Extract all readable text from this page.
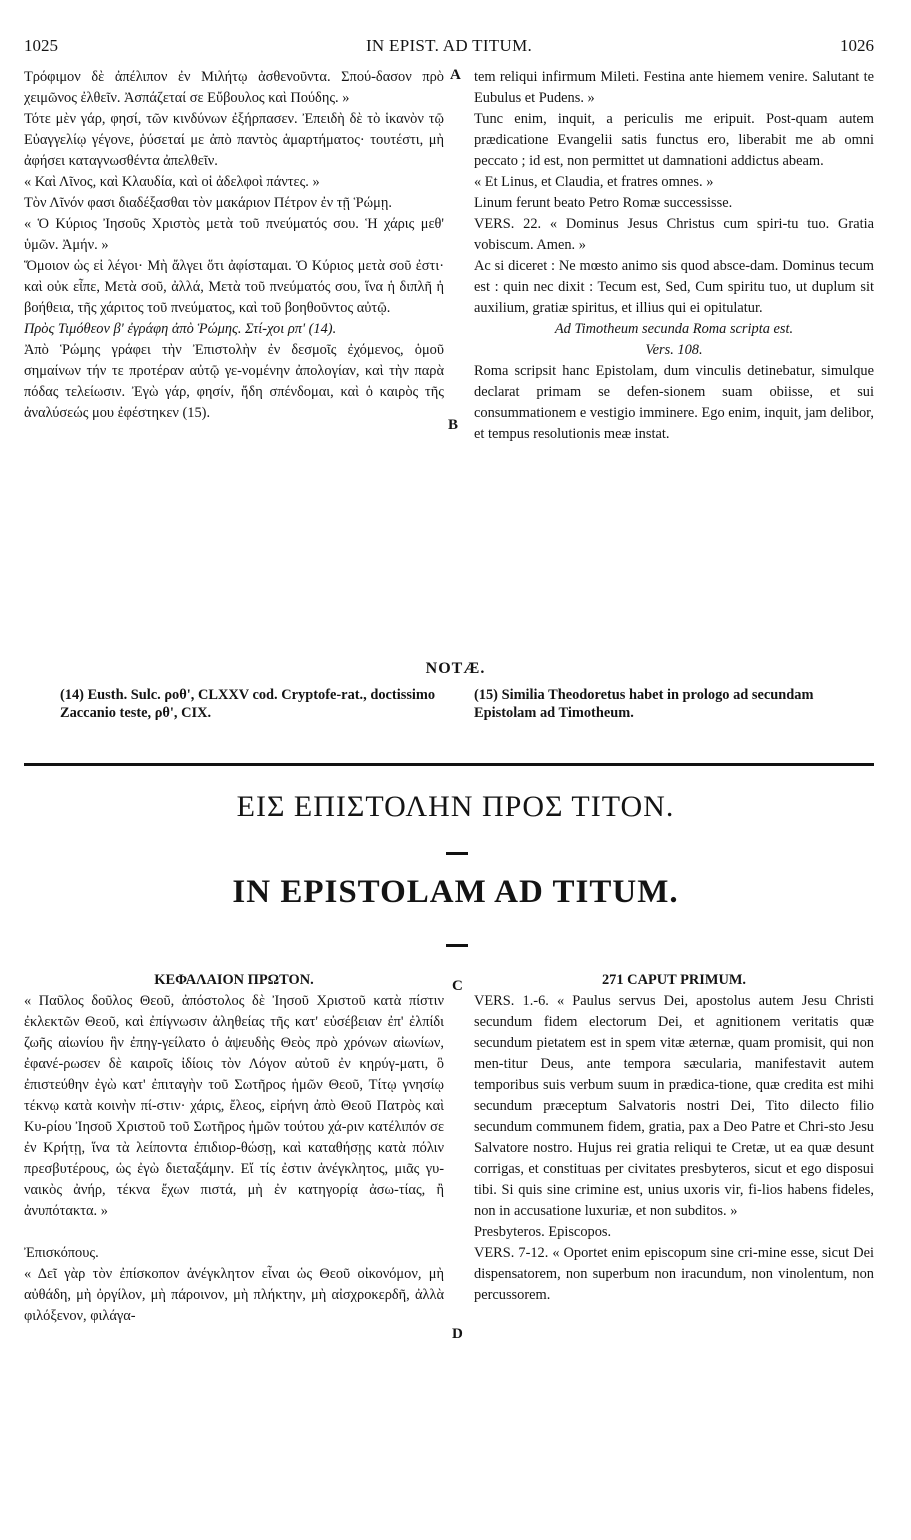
1025	IN EPIST. AD TITUM.	1026
A
B
C
D

Τρόφιμον δὲ ἀπέλιπον ἐν Μιλήτῳ ἀσθενοῦντα. Σπού-δασον πρὸ χειμῶνος ἐλθεῖν. Ἀσπάζεταί σε Εὔβουλος καὶ Πούδης. »

Τότε μὲν γάρ, φησί, τῶν κινδύνων ἐξήρπασεν. Ἐπειδὴ δὲ τὸ ἱκανὸν τῷ Εὐαγγελίῳ γέγονε, ῥύσεταί με ἀπὸ παντὸς ἁμαρτήματος· τουτέστι, μὴ ἀφήσει καταγνωσθέντα ἀπελθεῖν.

« Καὶ Λῖνος, καὶ Κλαυδία, καὶ οἱ ἀδελφοὶ πάντες. »

Τὸν Λῖνόν φασι διαδέξασθαι τὸν μακάριον Πέτρον ἐν τῇ Ῥώμῃ.

« Ὁ Κύριος Ἰησοῦς Χριστὸς μετὰ τοῦ πνεύματός σου. Ἡ χάρις μεθ' ὑμῶν. Ἀμήν. »

Ὅμοιον ὡς εἰ λέγοι· Μὴ ἄλγει ὅτι ἀφίσταμαι. Ὁ Κύριος μετὰ σοῦ ἐστι· καὶ οὐκ εἶπε, Μετὰ σοῦ, ἀλλά, Μετὰ τοῦ πνεύματός σου, ἵνα ἡ διπλῆ ἡ βοήθεια, τῆς χάριτος τοῦ πνεύματος, καὶ τοῦ βοηθοῦντος αὐτῷ.

Πρὸς Τιμόθεον β' ἐγράφη ἀπὸ Ῥώμης. Στί-χοι ρπ' (14).

Ἀπὸ Ῥώμης γράφει τὴν Ἐπιστολὴν ἐν δεσμοῖς ἐχόμενος, ὁμοῦ σημαίνων τήν τε προτέραν αὐτῷ γε-νομένην ἀπολογίαν, καὶ τὴν παρὰ πόδας τελείωσιν. Ἐγὼ γάρ, φησίν, ἤδη σπένδομαι, καὶ ὁ καιρὸς τῆς ἀναλύσεώς μου ἐφέστηκεν (15).

tem reliqui infirmum Mileti. Festina ante hiemem venire. Salutant te Eubulus et Pudens. »

Tunc enim, inquit, a periculis me eripuit. Post-quam autem prædicatione Evangelii satis functus ero, liberabit me ab omni peccato ; id est, non permittet ut damnationi addictus abeam.

« Et Linus, et Claudia, et fratres omnes. »

Linum ferunt beato Petro Romæ successisse.

VERS. 22. « Dominus Jesus Christus cum spiri-tu tuo. Gratia vobiscum. Amen. »

Ac si diceret : Ne mœsto animo sis quod absce-dam. Dominus tecum est : quin nec dixit : Tecum est, Sed, Cum spiritu tuo, ut duplum sit auxilium, gratiæ spiritus, et illius qui ei opitulatur.

Ad Timotheum secunda Roma scripta est.

Vers. 108.

Roma scripsit hanc Epistolam, dum vinculis detinebatur, simulque declarat primam se defen-sionem suam obiisse, et sui consummationem e vestigio imminere. Ego enim, inquit, jam delibor, et tempus resolutionis meæ instat.

NOTÆ.
(14) Eusth. Sulc. ροθ', CLXXV cod. Cryptofe-rat., doctissimo Zaccanio teste, ρθ', CIX.
(15) Similia Theodoretus habet in prologo ad secundam Epistolam ad Timotheum.
ΕΙΣ ΕΠΙΣΤΟΛΗΝ ΠΡΟΣ ΤΙΤΟΝ.
IN EPISTOLAM AD TITUM.

ΚΕΦΑΛΑΙΟΝ ΠΡΩΤΟΝ.

« Παῦλος δοῦλος Θεοῦ, ἀπόστολος δὲ Ἰησοῦ Χριστοῦ κατὰ πίστιν ἐκλεκτῶν Θεοῦ, καὶ ἐπίγνωσιν ἀληθείας τῆς κατ' εὐσέβειαν ἐπ' ἐλπίδι ζωῆς αἰωνίου ἣν ἐπηγ-γείλατο ὁ ἀψευδὴς Θεὸς πρὸ χρόνων αἰωνίων, ἐφανέ-ρωσεν δὲ καιροῖς ἰδίοις τὸν Λόγον αὐτοῦ ἐν κηρύγ-ματι, ὃ ἐπιστεύθην ἐγὼ κατ' ἐπιταγὴν τοῦ Σωτῆρος ἡμῶν Θεοῦ, Τίτῳ γνησίῳ τέκνῳ κατὰ κοινὴν πί-στιν· χάρις, ἔλεος, εἰρήνη ἀπὸ Θεοῦ Πατρὸς καὶ Κυ-ρίου Ἰησοῦ Χριστοῦ τοῦ Σωτῆρος ἡμῶν τούτου χά-ριν κατέλιπόν σε ἐν Κρήτῃ, ἵνα τὰ λείποντα ἐπιδιορ-θώσῃ, καὶ καταθήσῃς κατὰ πόλιν πρεσβυτέρους, ὡς ἐγὼ διεταξάμην. Εἴ τίς ἐστιν ἀνέγκλητος, μιᾶς γυ-ναικὸς ἀνήρ, τέκνα ἔχων πιστά, μὴ ἐν κατηγορίᾳ ἀσω-τίας, ἢ ἀνυπότακτα. »

Ἐπισκόπους.

« Δεῖ γὰρ τὸν ἐπίσκοπον ἀνέγκλητον εἶναι ὡς Θεοῦ οἰκονόμον, μὴ αὐθάδη, μὴ ὀργίλον, μὴ πάροινον, μὴ πλήκτην, μὴ αἰσχροκερδῆ, ἀλλὰ φιλόξενον, φιλάγα-

271 CAPUT PRIMUM.

VERS. 1.-6. « Paulus servus Dei, apostolus autem Jesu Christi secundum fidem electorum Dei, et agnitionem veritatis quæ secundum pietatem est in spem vitæ æternæ, quam promisit, qui non men-titur Deus, ante tempora sæcularia, manifestavit autem temporibus suis verbum suum in prædica-tione, quæ credita est mihi secundum præceptum Salvatoris nostri Dei, Tito dilecto filio secundum communem fidem, gratia, pax a Deo Patre et Chri-sto Jesu Salvatore nostro. Hujus rei gratia reliqui te Cretæ, ut ea quæ desunt corrigas, et constituas per civitates presbyteros, sicut et ego disposui tibi. Si quis sine crimine est, unius uxoris vir, fi-lios habens fideles, non in accusatione luxuriæ, et non subditos. »

Presbyteros. Episcopos.

VERS. 7-12. « Oportet enim episcopum sine cri-mine esse, sicut Dei dispensatorem, non superbum non iracundum, non vinolentum, non percussorem.
